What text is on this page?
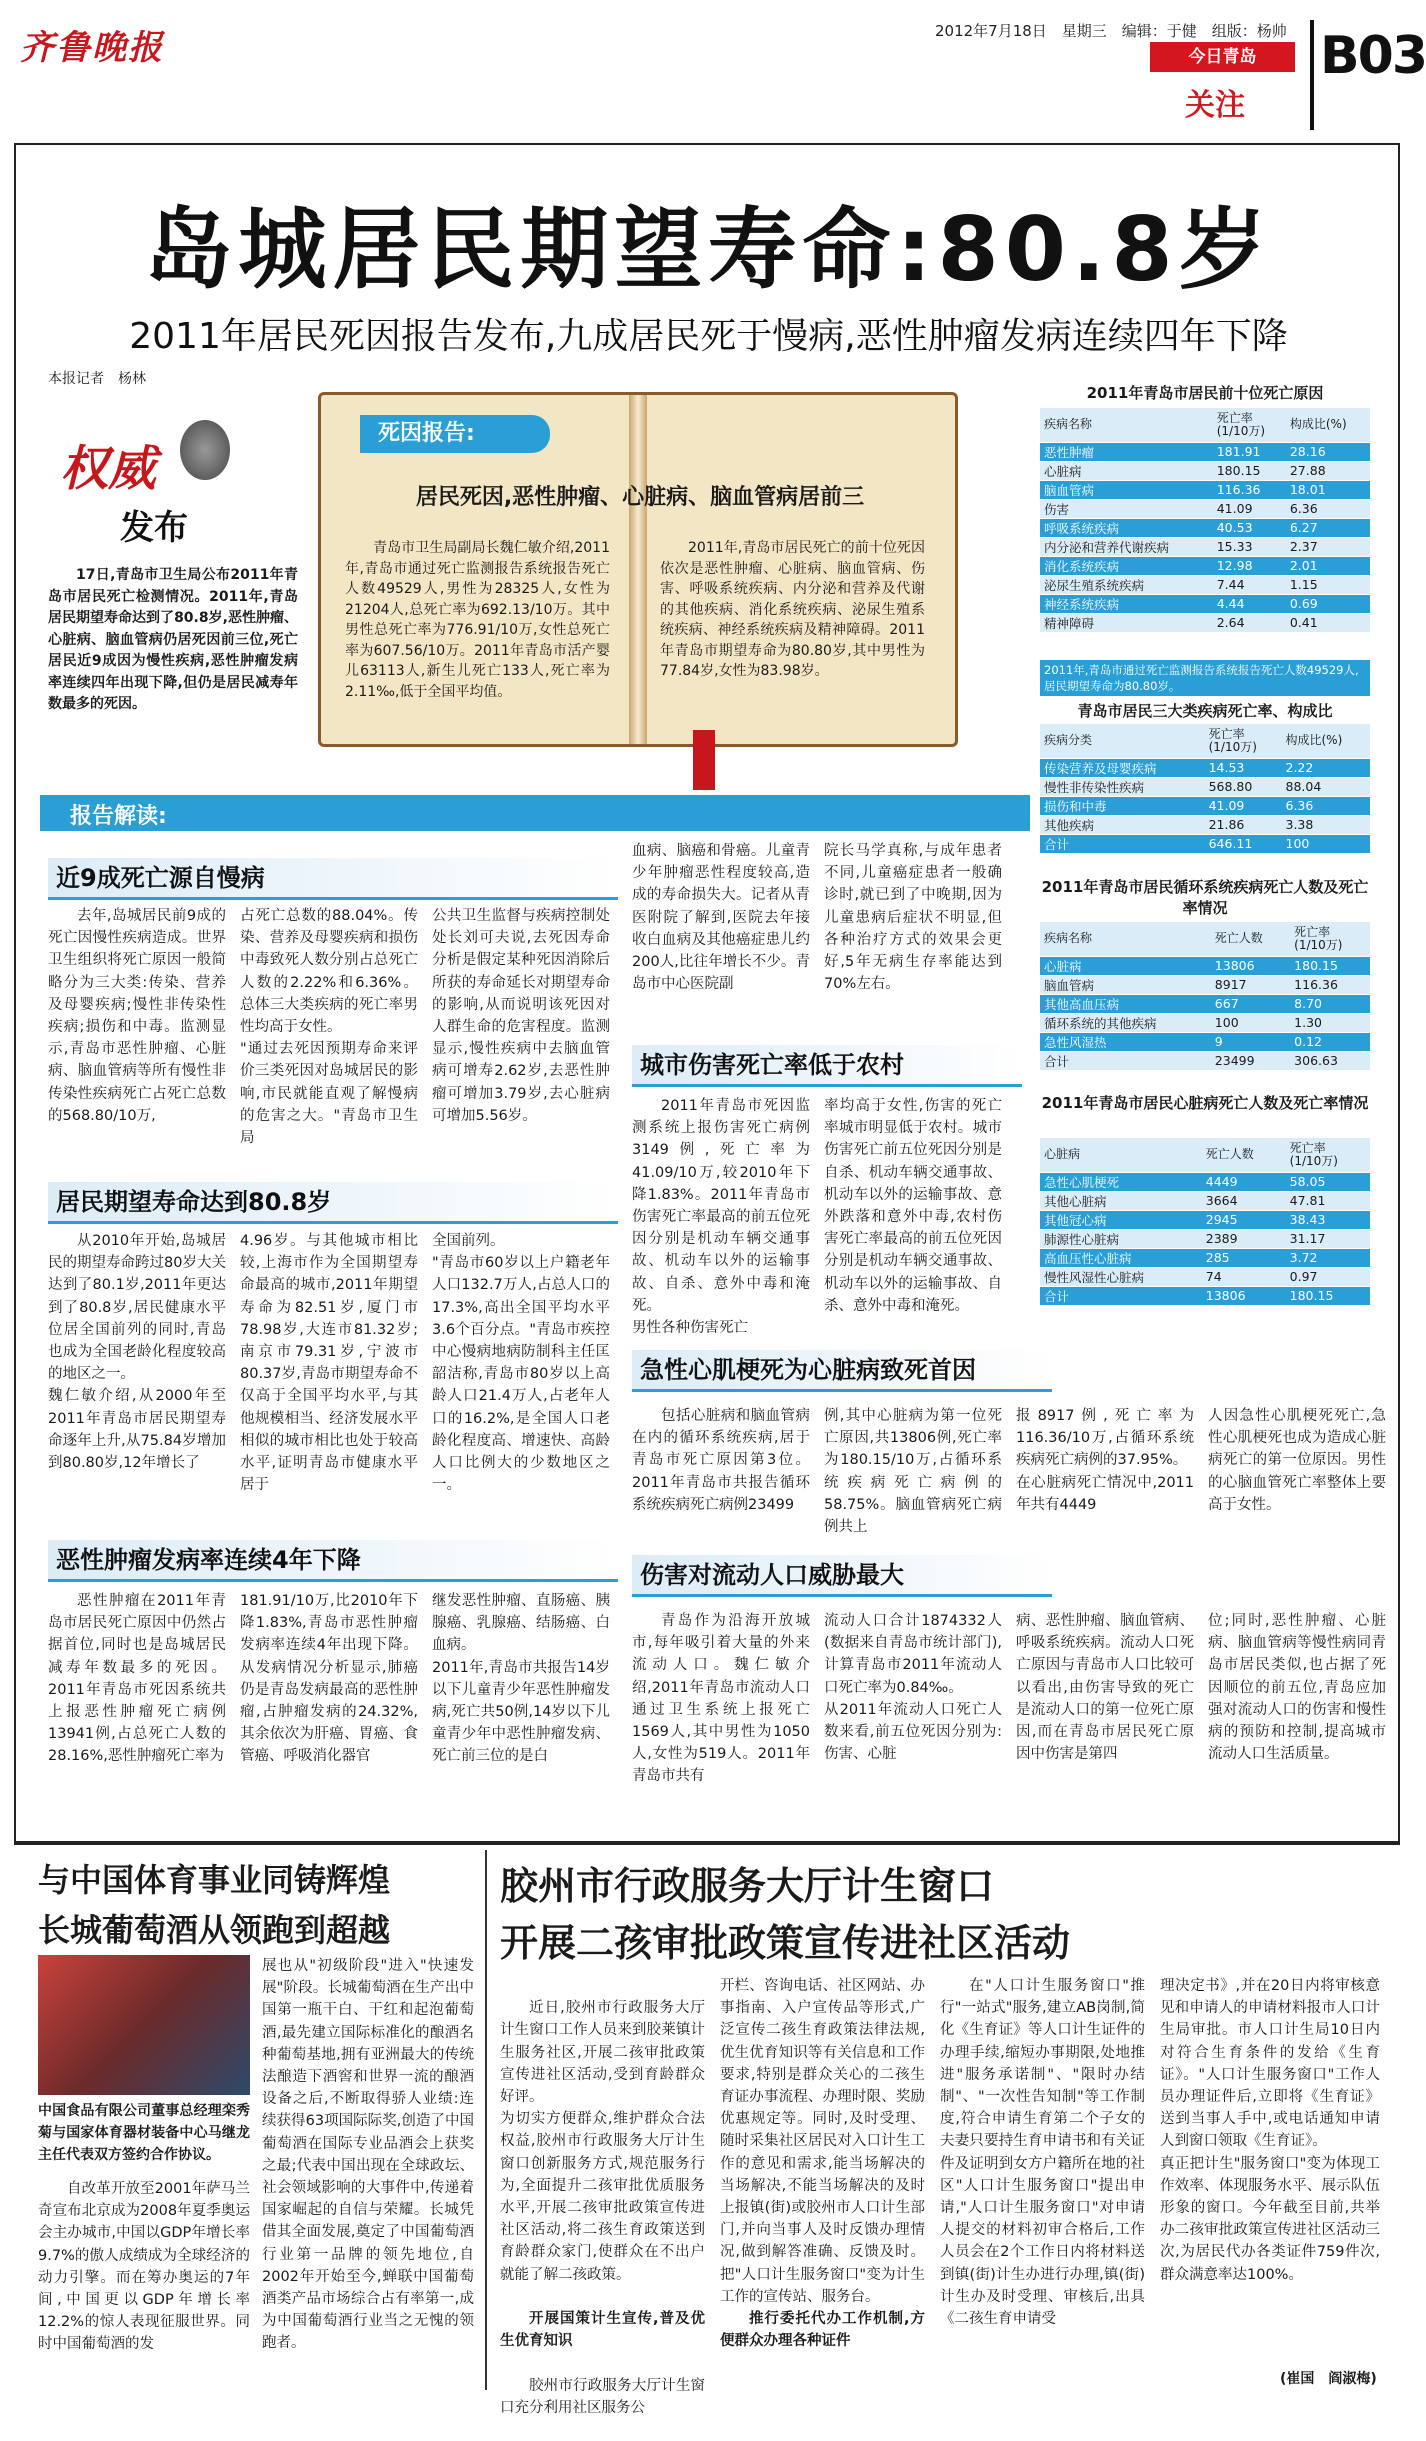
齐鲁晚报	2012年7月18日　星期三　编辑：于健　组版：杨帅
今日青岛
关注
B03
岛城居民期望寿命:80.8岁
2011年居民死因报告发布,九成居民死于慢病,恶性肿瘤发病连续四年下降
本报记者　杨林
权威
发布

17日,青岛市卫生局公布2011年青岛市居民死亡检测情况。2011年,青岛居民期望寿命达到了80.8岁,恶性肿瘤、心脏病、脑血管病仍居死因前三位,死亡居民近9成因为慢性疾病,恶性肿瘤发病率连续四年出现下降,但仍是居民减寿年数最多的死因。

死因报告:
居民死因,恶性肿瘤、心脏病、脑血管病居前三

青岛市卫生局副局长魏仁敏介绍,2011年,青岛市通过死亡监测报告系统报告死亡人数49529人,男性为28325人,女性为21204人,总死亡率为692.13/10万。其中男性总死亡率为776.91/10万,女性总死亡率为607.56/10万。2011年青岛市活产婴儿63113人,新生儿死亡133人,死亡率为2.11‰,低于全国平均值。

2011年,青岛市居民死亡的前十位死因依次是恶性肿瘤、心脏病、脑血管病、伤害、呼吸系统疾病、内分泌和营养及代谢的其他疾病、消化系统疾病、泌尿生殖系统疾病、神经系统疾病及精神障碍。2011年青岛市期望寿命为80.80岁,其中男性为77.84岁,女性为83.98岁。

报告解读:
近9成死亡源自慢病

去年,岛城居民前9成的死亡因慢性疾病造成。世界卫生组织将死亡原因一般简略分为三大类:传染、营养及母婴疾病;慢性非传染性疾病;损伤和中毒。监测显示,青岛市恶性肿瘤、心脏病、脑血管病等所有慢性非传染性疾病死亡占死亡总数的568.80/10万,

占死亡总数的88.04%。传染、营养及母婴疾病和损伤中毒致死人数分别占总死亡人数的2.22%和6.36%。总体三大类疾病的死亡率男性均高于女性。
"通过去死因预期寿命来评价三类死因对岛城居民的影响,市民就能直观了解慢病的危害之大。"青岛市卫生局

公共卫生监督与疾病控制处处长刘可夫说,去死因寿命分析是假定某种死因消除后所获的寿命延长对期望寿命的影响,从而说明该死因对人群生命的危害程度。监测显示,慢性疾病中去脑血管病可增寿2.62岁,去恶性肿瘤可增加3.79岁,去心脏病可增加5.56岁。

血病、脑癌和骨癌。儿童青少年肿瘤恶性程度较高,造成的寿命损失大。记者从青医附院了解到,医院去年接收白血病及其他癌症患儿约200人,比往年增长不少。青岛市中心医院副

院长马学真称,与成年患者不同,儿童癌症患者一般确诊时,就已到了中晚期,因为儿童患病后症状不明显,但各种治疗方式的效果会更好,5年无病生存率能达到70%左右。

城市伤害死亡率低于农村

2011年青岛市死因监测系统上报伤害死亡病例3149例,死亡率为41.09/10万,较2010年下降1.83%。2011年青岛市伤害死亡率最高的前五位死因分别是机动车辆交通事故、机动车以外的运输事故、自杀、意外中毒和淹死。
男性各种伤害死亡

率均高于女性,伤害的死亡率城市明显低于农村。城市伤害死亡前五位死因分别是自杀、机动车辆交通事故、机动车以外的运输事故、意外跌落和意外中毒,农村伤害死亡率最高的前五位死因分别是机动车辆交通事故、机动车以外的运输事故、自杀、意外中毒和淹死。

居民期望寿命达到80.8岁

从2010年开始,岛城居民的期望寿命跨过80岁大关达到了80.1岁,2011年更达到了80.8岁,居民健康水平位居全国前列的同时,青岛也成为全国老龄化程度较高的地区之一。
魏仁敏介绍,从2000年至2011年青岛市居民期望寿命逐年上升,从75.84岁增加到80.80岁,12年增长了

4.96岁。与其他城市相比较,上海市作为全国期望寿命最高的城市,2011年期望寿命为82.51岁,厦门市78.98岁,大连市81.32岁;南京市79.31岁,宁波市80.37岁,青岛市期望寿命不仅高于全国平均水平,与其他规模相当、经济发展水平相似的城市相比也处于较高水平,证明青岛市健康水平居于

全国前列。
"青岛市60岁以上户籍老年人口132.7万人,占总人口的17.3%,高出全国平均水平3.6个百分点。"青岛市疾控中心慢病地病防制科主任匡韶洁称,青岛市80岁以上高龄人口21.4万人,占老年人口的16.2%,是全国人口老龄化程度高、增速快、高龄人口比例大的少数地区之一。

急性心肌梗死为心脏病致死首因

包括心脏病和脑血管病在内的循环系统疾病,居于青岛市死亡原因第3位。2011年青岛市共报告循环系统疾病死亡病例23499

例,其中心脏病为第一位死亡原因,共13806例,死亡率为180.15/10万,占循环系统疾病死亡病例的58.75%。脑血管病死亡病例共上

报8917例,死亡率为116.36/10万,占循环系统疾病死亡病例的37.95%。
在心脏病死亡情况中,2011年共有4449

人因急性心肌梗死死亡,急性心肌梗死也成为造成心脏病死亡的第一位原因。男性的心脑血管死亡率整体上要高于女性。

恶性肿瘤发病率连续4年下降

恶性肿瘤在2011年青岛市居民死亡原因中仍然占据首位,同时也是岛城居民减寿年数最多的死因。2011年青岛市死因系统共上报恶性肿瘤死亡病例13941例,占总死亡人数的28.16%,恶性肿瘤死亡率为

181.91/10万,比2010年下降1.83%,青岛市恶性肿瘤发病率连续4年出现下降。从发病情况分析显示,肺癌仍是青岛发病最高的恶性肿瘤,占肿瘤发病的24.32%,其余依次为肝癌、胃癌、食管癌、呼吸消化器官

继发恶性肿瘤、直肠癌、胰腺癌、乳腺癌、结肠癌、白血病。
2011年,青岛市共报告14岁以下儿童青少年恶性肿瘤发病,死亡共50例,14岁以下儿童青少年中恶性肿瘤发病、死亡前三位的是白

伤害对流动人口威胁最大

青岛作为沿海开放城市,每年吸引着大量的外来流动人口。魏仁敏介绍,2011年青岛市流动人口通过卫生系统上报死亡1569人,其中男性为1050人,女性为519人。2011年青岛市共有

流动人口合计1874332人(数据来自青岛市统计部门),计算青岛市2011年流动人口死亡率为0.84‰。
从2011年流动人口死亡人数来看,前五位死因分别为:伤害、心脏

病、恶性肿瘤、脑血管病、呼吸系统疾病。流动人口死亡原因与青岛市人口比较可以看出,由伤害导致的死亡是流动人口的第一位死亡原因,而在青岛市居民死亡原因中伤害是第四

位;同时,恶性肿瘤、心脏病、脑血管病等慢性病同青岛市居民类似,也占据了死因顺位的前五位,青岛应加强对流动人口的伤害和慢性病的预防和控制,提高城市流动人口生活质量。

2011年青岛市居民前十位死亡原因
疾病名称	死亡率
(1/10万)	构成比(%)
恶性肿瘤	181.91	28.16
心脏病	180.15	27.88
脑血管病	116.36	18.01
伤害	41.09	6.36
呼吸系统疾病	40.53	6.27
内分泌和营养代谢疾病	15.33	2.37
消化系统疾病	12.98	2.01
泌尿生殖系统疾病	7.44	1.15
神经系统疾病	4.44	0.69
精神障碍	2.64	0.41
2011年,青岛市通过死亡监测报告系统报告死亡人数49529人,居民期望寿命为80.80岁。
青岛市居民三大类疾病死亡率、构成比
疾病分类	死亡率
(1/10万)	构成比(%)
传染营养及母婴疾病	14.53	2.22
慢性非传染性疾病	568.80	88.04
损伤和中毒	41.09	6.36
其他疾病	21.86	3.38
合计	646.11	100
2011年青岛市居民循环系统疾病死亡人数及死亡率情况
疾病名称	死亡人数	死亡率
(1/10万)
心脏病	13806	180.15
脑血管病	8917	116.36
其他高血压病	667	8.70
循环系统的其他疾病	100	1.30
急性风湿热	9	0.12
合计	23499	306.63
2011年青岛市居民心脏病死亡人数及死亡率情况
心脏病	死亡人数	死亡率
(1/10万)
急性心肌梗死	4449	58.05
其他心脏病	3664	47.81
其他冠心病	2945	38.43
肺源性心脏病	2389	31.17
高血压性心脏病	285	3.72
慢性风湿性心脏病	74	0.97
合计	13806	180.15
与中国体育事业同铸辉煌
长城葡萄酒从领跑到超越

中国食品有限公司董事总经理栾秀菊与国家体育器材装备中心马继龙主任代表双方签约合作协议。

自改革开放至2001年萨马兰奇宣布北京成为2008年夏季奥运会主办城市,中国以GDP年增长率9.7%的傲人成绩成为全球经济的动力引擎。而在筹办奥运的7年间,中国更以GDP年增长率12.2%的惊人表现征服世界。同时中国葡萄酒的发

展也从"初级阶段"进入"快速发展"阶段。长城葡萄酒在生产出中国第一瓶干白、干红和起泡葡萄酒,最先建立国际标准化的酿酒名种葡萄基地,拥有亚洲最大的传统法酿造下酒窖和世界一流的酿酒设备之后,不断取得骄人业绩:连续获得63项国际际奖,创造了中国葡萄酒在国际专业品酒会上获奖之最;代表中国出现在全球政坛、社会领域影响的大事件中,传递着国家崛起的自信与荣耀。长城凭借其全面发展,奠定了中国葡萄酒行业第一品牌的领先地位,自2002年开始至今,蝉联中国葡萄酒类产品市场综合占有率第一,成为中国葡萄酒行业当之无愧的领跑者。

胶州市行政服务大厅计生窗口
开展二孩审批政策宣传进社区活动

近日,胶州市行政服务大厅计生窗口工作人员来到胶莱镇计生服务社区,开展二孩审批政策宣传进社区活动,受到育龄群众好评。
为切实方便群众,维护群众合法权益,胶州市行政服务大厅计生窗口创新服务方式,规范服务行为,全面提升二孩审批优质服务水平,开展二孩审批政策宣传进社区活动,将二孩生育政策送到育龄群众家门,使群众在不出户就能了解二孩政策。

开展国策计生宣传,普及优生优育知识

胶州市行政服务大厅计生窗口充分利用社区服务公

开栏、咨询电话、社区网站、办事指南、入户宣传品等形式,广泛宣传二孩生育政策法律法规,优生优育知识等有关信息和工作要求,特别是群众关心的二孩生育证办事流程、办理时限、奖励优惠规定等。同时,及时受理、随时采集社区居民对入口计生工作的意见和需求,能当场解决的当场解决,不能当场解决的及时上报镇(街)或胶州市人口计生部门,并向当事人及时反馈办理情况,做到解答准确、反馈及时。把"人口计生服务窗口"变为计生工作的宣传站、服务台。

推行委托代办工作机制,方便群众办理各种证件

在"人口计生服务窗口"推行"一站式"服务,建立AB岗制,简化《生育证》等人口计生证件的办理手续,缩短办事期限,处地推进"服务承诺制"、"限时办结制"、"一次性告知制"等工作制度,符合申请生育第二个子女的夫妻只要持生育申请书和有关证件及证明到女方户籍所在地的社区"人口计生服务窗口"提出申请,"人口计生服务窗口"对申请人提交的材料初审合格后,工作人员会在2个工作日内将材料送到镇(街)计生办进行办理,镇(街)计生办及时受理、审核后,出具《二孩生育申请受

理决定书》,并在20日内将审核意见和申请人的申请材料报市人口计生局审批。市人口计生局10日内对符合生育条件的发给《生育证》。"人口计生服务窗口"工作人员办理证件后,立即将《生育证》送到当事人手中,或电话通知申请人到窗口领取《生育证》。
真正把计生"服务窗口"变为体现工作效率、体现服务水平、展示队伍形象的窗口。今年截至目前,共举办二孩审批政策宣传进社区活动三次,为居民代办各类证件759件次,群众满意率达100%。

(崔国　阎淑梅)
